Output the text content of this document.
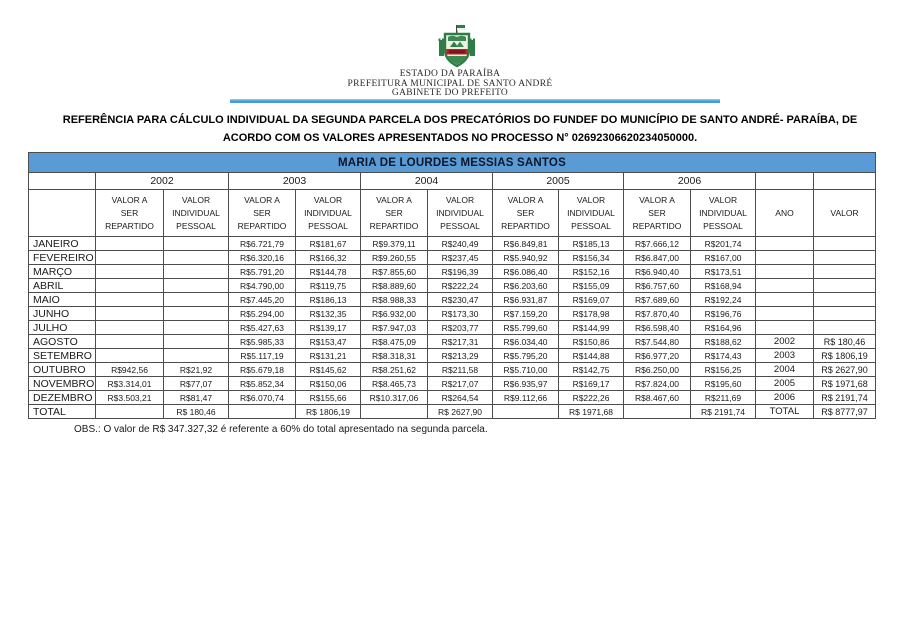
ESTADO DA PARAÍBA
PREFEITURA MUNICIPAL DE SANTO ANDRÉ
GABINETE DO PREFEITO
REFERÊNCIA PARA CÁLCULO INDIVIDUAL DA SEGUNDA PARCELA DOS PRECATÓRIOS DO FUNDEF DO MUNICÍPIO DE SANTO ANDRÉ- PARAÍBA, DE ACORDO COM OS VALORES APRESENTADOS NO PROCESSO N° 02692306620234050000.
MARIA DE LOURDES MESSIAS SANTOS												
	2002		2003		2004		2005		2006			
	VALOR A SER REPARTIDO	VALOR INDIVIDUAL PESSOAL	VALOR A SER REPARTIDO	VALOR INDIVIDUAL PESSOAL	VALOR A SER REPARTIDO	VALOR INDIVIDUAL PESSOAL	VALOR A SER REPARTIDO	VALOR INDIVIDUAL PESSOAL	VALOR A SER REPARTIDO	VALOR INDIVIDUAL PESSOAL	ANO	VALOR
JANEIRO			R$6.721,79	R$181,67	R$9.379,11	R$240,49	R$6.849,81	R$185,13	R$7.666,12	R$201,74		
FEVEREIRO			R$6.320,16	R$166,32	R$9.260,55	R$237,45	R$5.940,92	R$156,34	R$6.847,00	R$167,00		
MARÇO			R$5.791,20	R$144,78	R$7.855,60	R$196,39	R$6.086,40	R$152,16	R$6.940,40	R$173,51		
ABRIL			R$4.790,00	R$119,75	R$8.889,60	R$222,24	R$6.203,60	R$155,09	R$6.757,60	R$168,94		
MAIO			R$7.445,20	R$186,13	R$8.988,33	R$230,47	R$6.931,87	R$169,07	R$7.689,60	R$192,24		
JUNHO			R$5.294,00	R$132,35	R$6.932,00	R$173,30	R$7.159,20	R$178,98	R$7.870,40	R$196,76		
JULHO			R$5.427,63	R$139,17	R$7.947,03	R$203,77	R$5.799,60	R$144,99	R$6.598,40	R$164,96		
AGOSTO			R$5.985,33	R$153,47	R$8.475,09	R$217,31	R$6.034,40	R$150,86	R$7.544,80	R$188,62	2002	R$ 180,46
SETEMBRO			R$5.117,19	R$131,21	R$8.318,31	R$213,29	R$5.795,20	R$144,88	R$6.977,20	R$174,43	2003	R$ 1806,19
OUTUBRO	R$942,56	R$21,92	R$5.679,18	R$145,62	R$8.251,62	R$211,58	R$5.710,00	R$142,75	R$6.250,00	R$156,25	2004	R$ 2627,90
NOVEMBRO	R$3.314,01	R$77,07	R$5.852,34	R$150,06	R$8.465,73	R$217,07	R$6.935,97	R$169,17	R$7.824,00	R$195,60	2005	R$ 1971,68
DEZEMBRO	R$3.503,21	R$81,47	R$6.070,74	R$155,66	R$10.317,06	R$264,54	R$9.112,66	R$222,26	R$8.467,60	R$211,69	2006	R$ 2191,74
TOTAL		R$ 180,46		R$ 1806,19		R$ 2627,90		R$ 1971,68		R$ 2191,74	TOTAL	R$ 8777,97
OBS.: O valor de R$ 347.327,32 é referente a 60% do total apresentado na segunda parcela.
